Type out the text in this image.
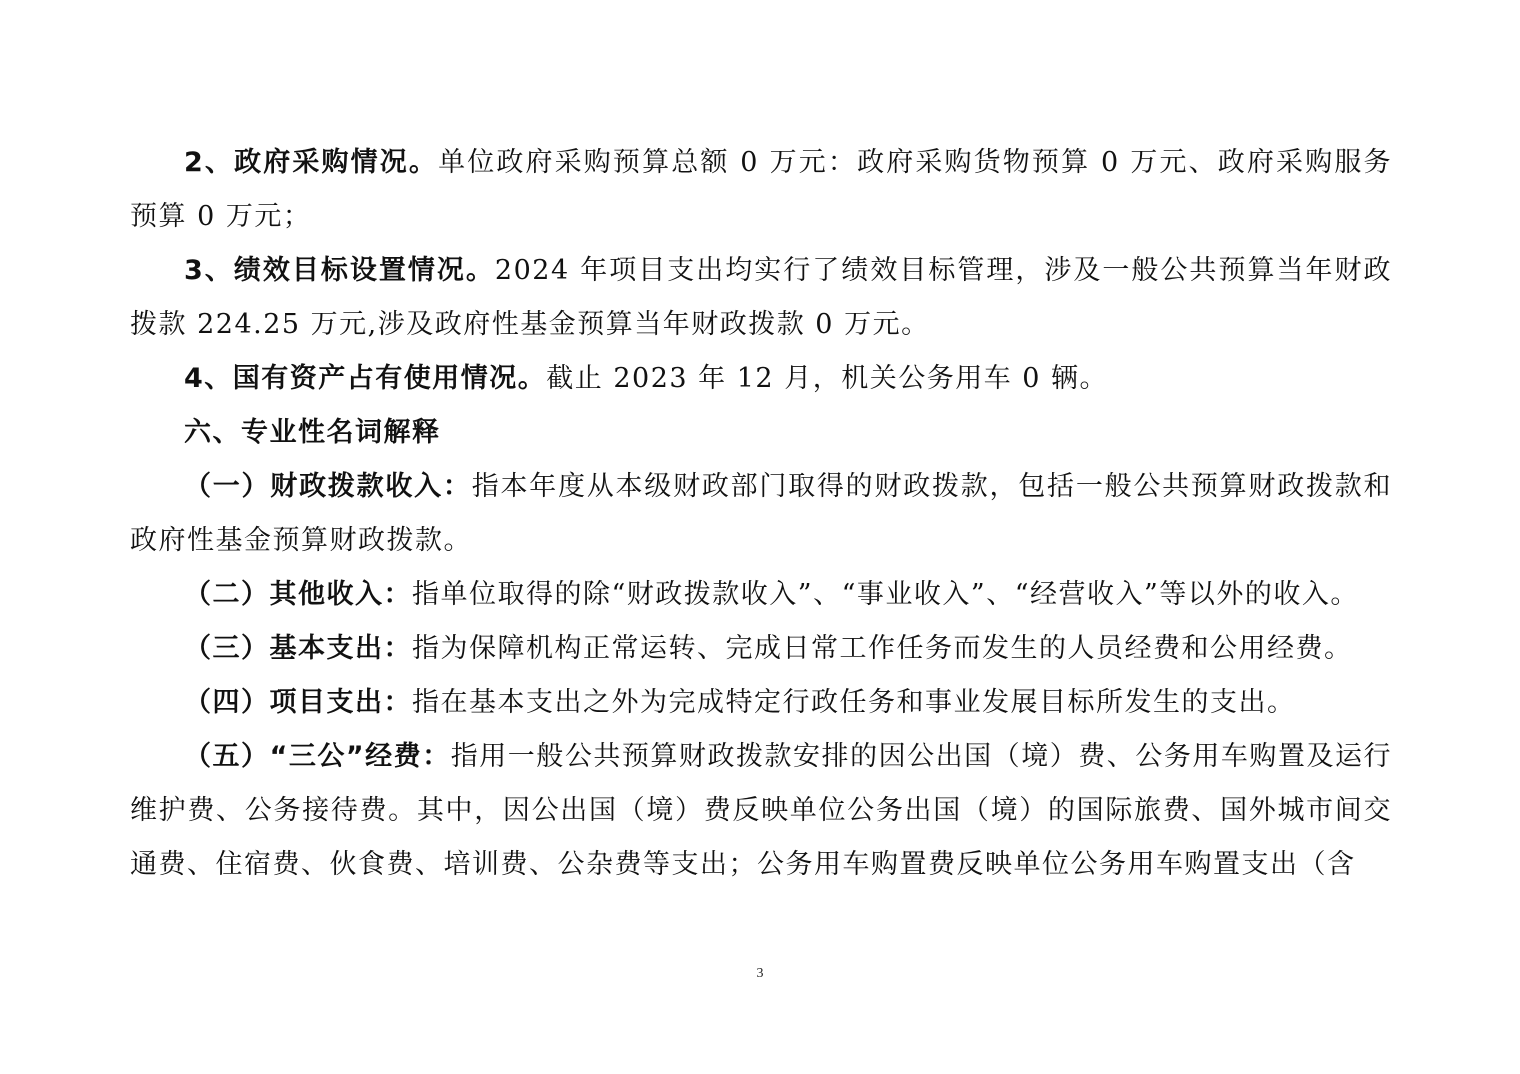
2、政府采购情况。单位政府采购预算总额 0 万元：政府采购货物预算 0 万元、政府采购服务预算 0 万元；

3、绩效目标设置情况。2024 年项目支出均实行了绩效目标管理，涉及一般公共预算当年财政拨款 224.25 万元,涉及政府性基金预算当年财政拨款 0 万元。

4、国有资产占有使用情况。截止 2023 年 12 月，机关公务用车 0 辆。

六、专业性名词解释

（一）财政拨款收入：指本年度从本级财政部门取得的财政拨款，包括一般公共预算财政拨款和政府性基金预算财政拨款。

（二）其他收入：指单位取得的除“财政拨款收入”、“事业收入”、“经营收入”等以外的收入。

（三）基本支出：指为保障机构正常运转、完成日常工作任务而发生的人员经费和公用经费。

（四）项目支出：指在基本支出之外为完成特定行政任务和事业发展目标所发生的支出。

（五）“三公”经费：指用一般公共预算财政拨款安排的因公出国（境）费、公务用车购置及运行维护费、公务接待费。其中，因公出国（境）费反映单位公务出国（境）的国际旅费、国外城市间交通费、住宿费、伙食费、培训费、公杂费等支出；公务用车购置费反映单位公务用车购置支出（含

3
